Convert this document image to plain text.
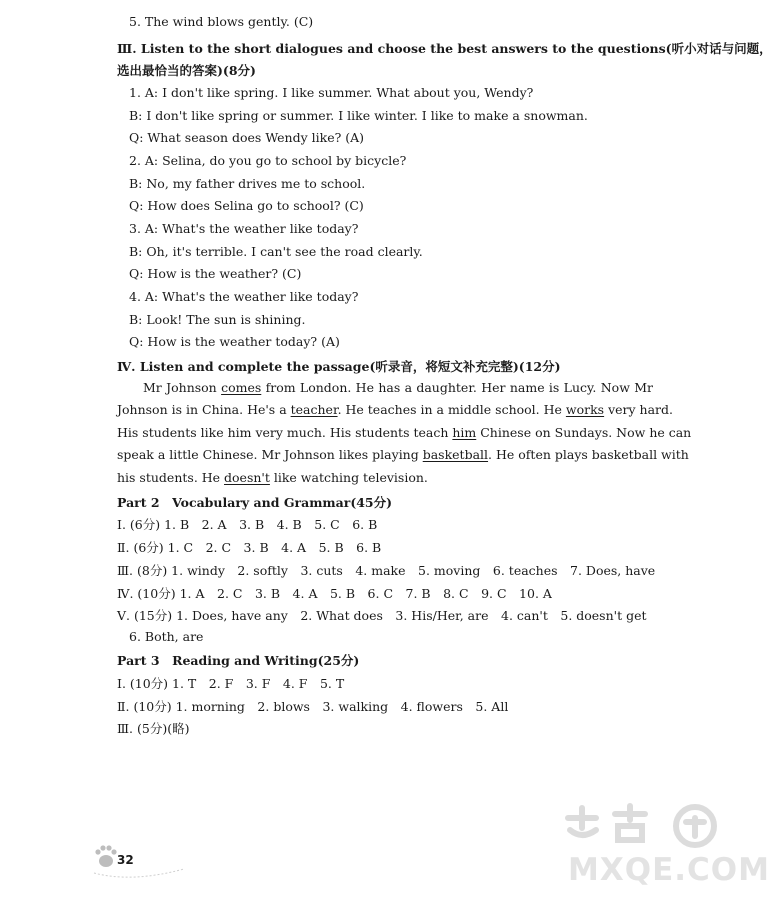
5. The wind blows gently. (C)
Ⅲ. Listen to the short dialogues and choose the best answers to the questions(听小对话与问题，
选出最恰当的答案)(8分)
1. A: I don't like spring. I like summer. What about you, Wendy?
B: I don't like spring or summer. I like winter. I like to make a snowman.
Q: What season does Wendy like? (A)
2. A: Selina, do you go to school by bicycle?
B: No, my father drives me to school.
Q: How does Selina go to school? (C)
3. A: What's the weather like today?
B: Oh, it's terrible. I can't see the road clearly.
Q: How is the weather? (C)
4. A: What's the weather like today?
B: Look! The sun is shining.
Q: How is the weather today? (A)
Ⅳ. Listen and complete the passage(听录音，将短文补充完整)(12分)
Mr Johnson comes from London. He has a daughter. Her name is Lucy. Now Mr
Johnson is in China. He's a teacher. He teaches in a middle school. He works very hard.
His students like him very much. His students teach him Chinese on Sundays. Now he can
speak a little Chinese. Mr Johnson likes playing basketball. He often plays basketball with
his students. He doesn't like watching television.
Part 2　Vocabulary and Grammar(45分)
Ⅰ. (6分) 1. B　2. A　3. B　4. B　5. C　6. B
Ⅱ. (6分) 1. C　2. C　3. B　4. A　5. B　6. B
Ⅲ. (8分) 1. windy　2. softly　3. cuts　4. make　5. moving　6. teaches　7. Does, have
Ⅳ. (10分) 1. A　2. C　3. B　4. A　5. B　6. C　7. B　8. C　9. C　10. A
Ⅴ. (15分) 1. Does, have any　2. What does　3. His/Her, are　4. can't　5. doesn't get
6. Both, are
Part 3　Reading and Writing(25分)
Ⅰ. (10分) 1. T　2. F　3. F　4. F　5. T
Ⅱ. (10分) 1. morning　2. blows　3. walking　4. flowers　5. All
Ⅲ. (5分)(略)
32	MXQE.COM
